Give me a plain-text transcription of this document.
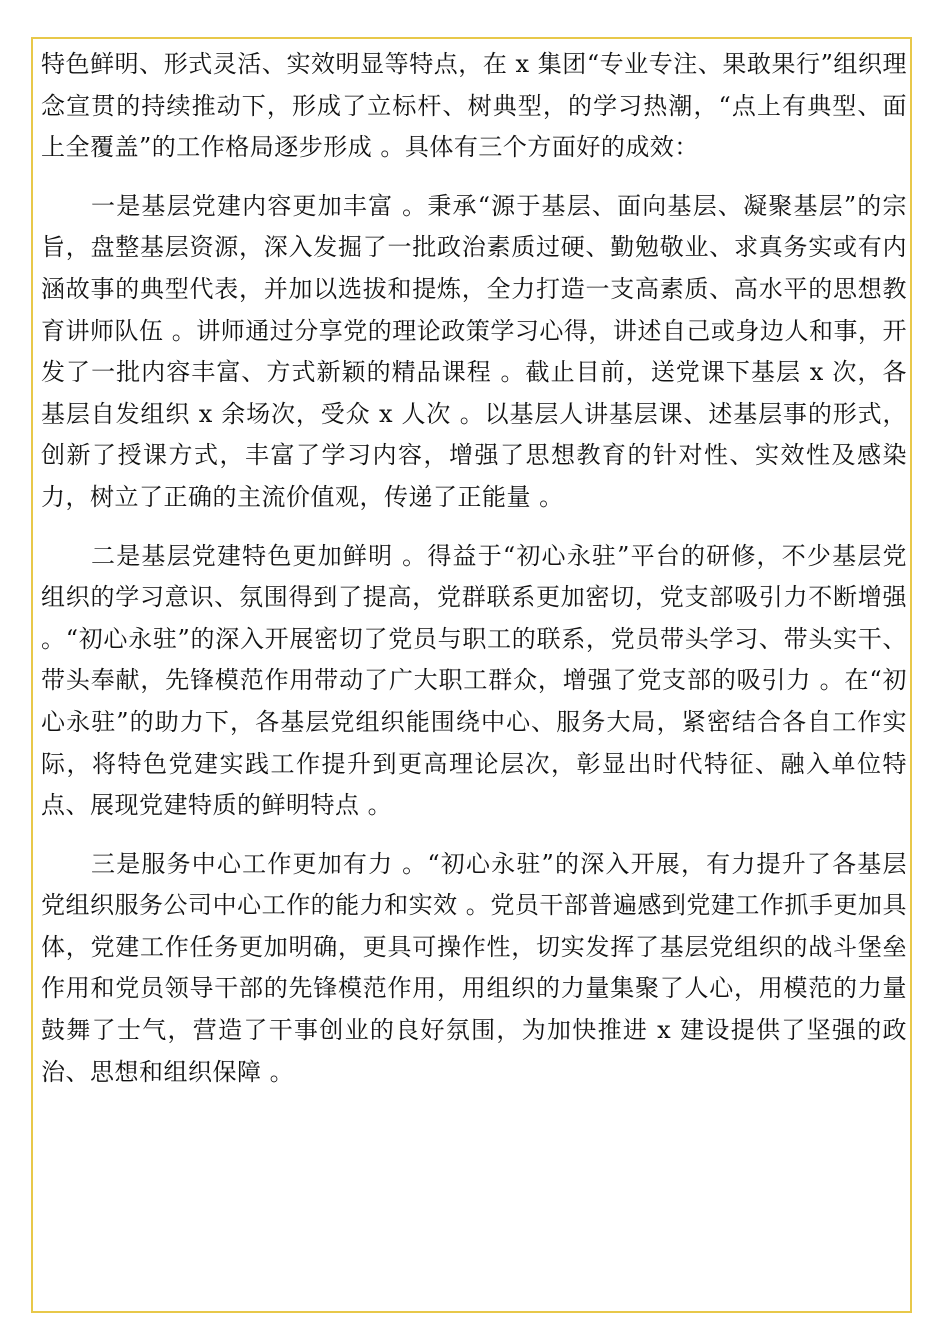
特色鲜明、形式灵活、实效明显等特点，在 x 集团“专业专注、果敢果行”组织理念宣贯的持续推动下，形成了立标杆、树典型，的学习热潮，“点上有典型、面上全覆盖”的工作格局逐步形成 。具体有三个方面好的成效：

一是基层党建内容更加丰富 。秉承“源于基层、面向基层、凝聚基层”的宗旨，盘整基层资源，深入发掘了一批政治素质过硬、勤勉敬业、求真务实或有内涵故事的典型代表，并加以选拔和提炼，全力打造一支高素质、高水平的思想教育讲师队伍 。讲师通过分享党的理论政策学习心得，讲述自己或身边人和事，开发了一批内容丰富、方式新颖的精品课程 。截止目前，送党课下基层 x 次，各基层自发组织 x 余场次，受众 x 人次 。以基层人讲基层课、述基层事的形式，创新了授课方式，丰富了学习内容，增强了思想教育的针对性、实效性及感染力，树立了正确的主流价值观，传递了正能量 。

二是基层党建特色更加鲜明 。得益于“初心永驻”平台的研修，不少基层党组织的学习意识、氛围得到了提高，党群联系更加密切，党支部吸引力不断增强 。“初心永驻”的深入开展密切了党员与职工的联系，党员带头学习、带头实干、带头奉献，先锋模范作用带动了广大职工群众，增强了党支部的吸引力 。在“初心永驻”的助力下，各基层党组织能围绕中心、服务大局，紧密结合各自工作实际，将特色党建实践工作提升到更高理论层次，彰显出时代特征、融入单位特点、展现党建特质的鲜明特点 。

三是服务中心工作更加有力 。“初心永驻”的深入开展，有力提升了各基层党组织服务公司中心工作的能力和实效 。党员干部普遍感到党建工作抓手更加具体，党建工作任务更加明确，更具可操作性，切实发挥了基层党组织的战斗堡垒作用和党员领导干部的先锋模范作用，用组织的力量集聚了人心，用模范的力量鼓舞了士气，营造了干事创业的良好氛围，为加快推进 x 建设提供了坚强的政治、思想和组织保障 。
